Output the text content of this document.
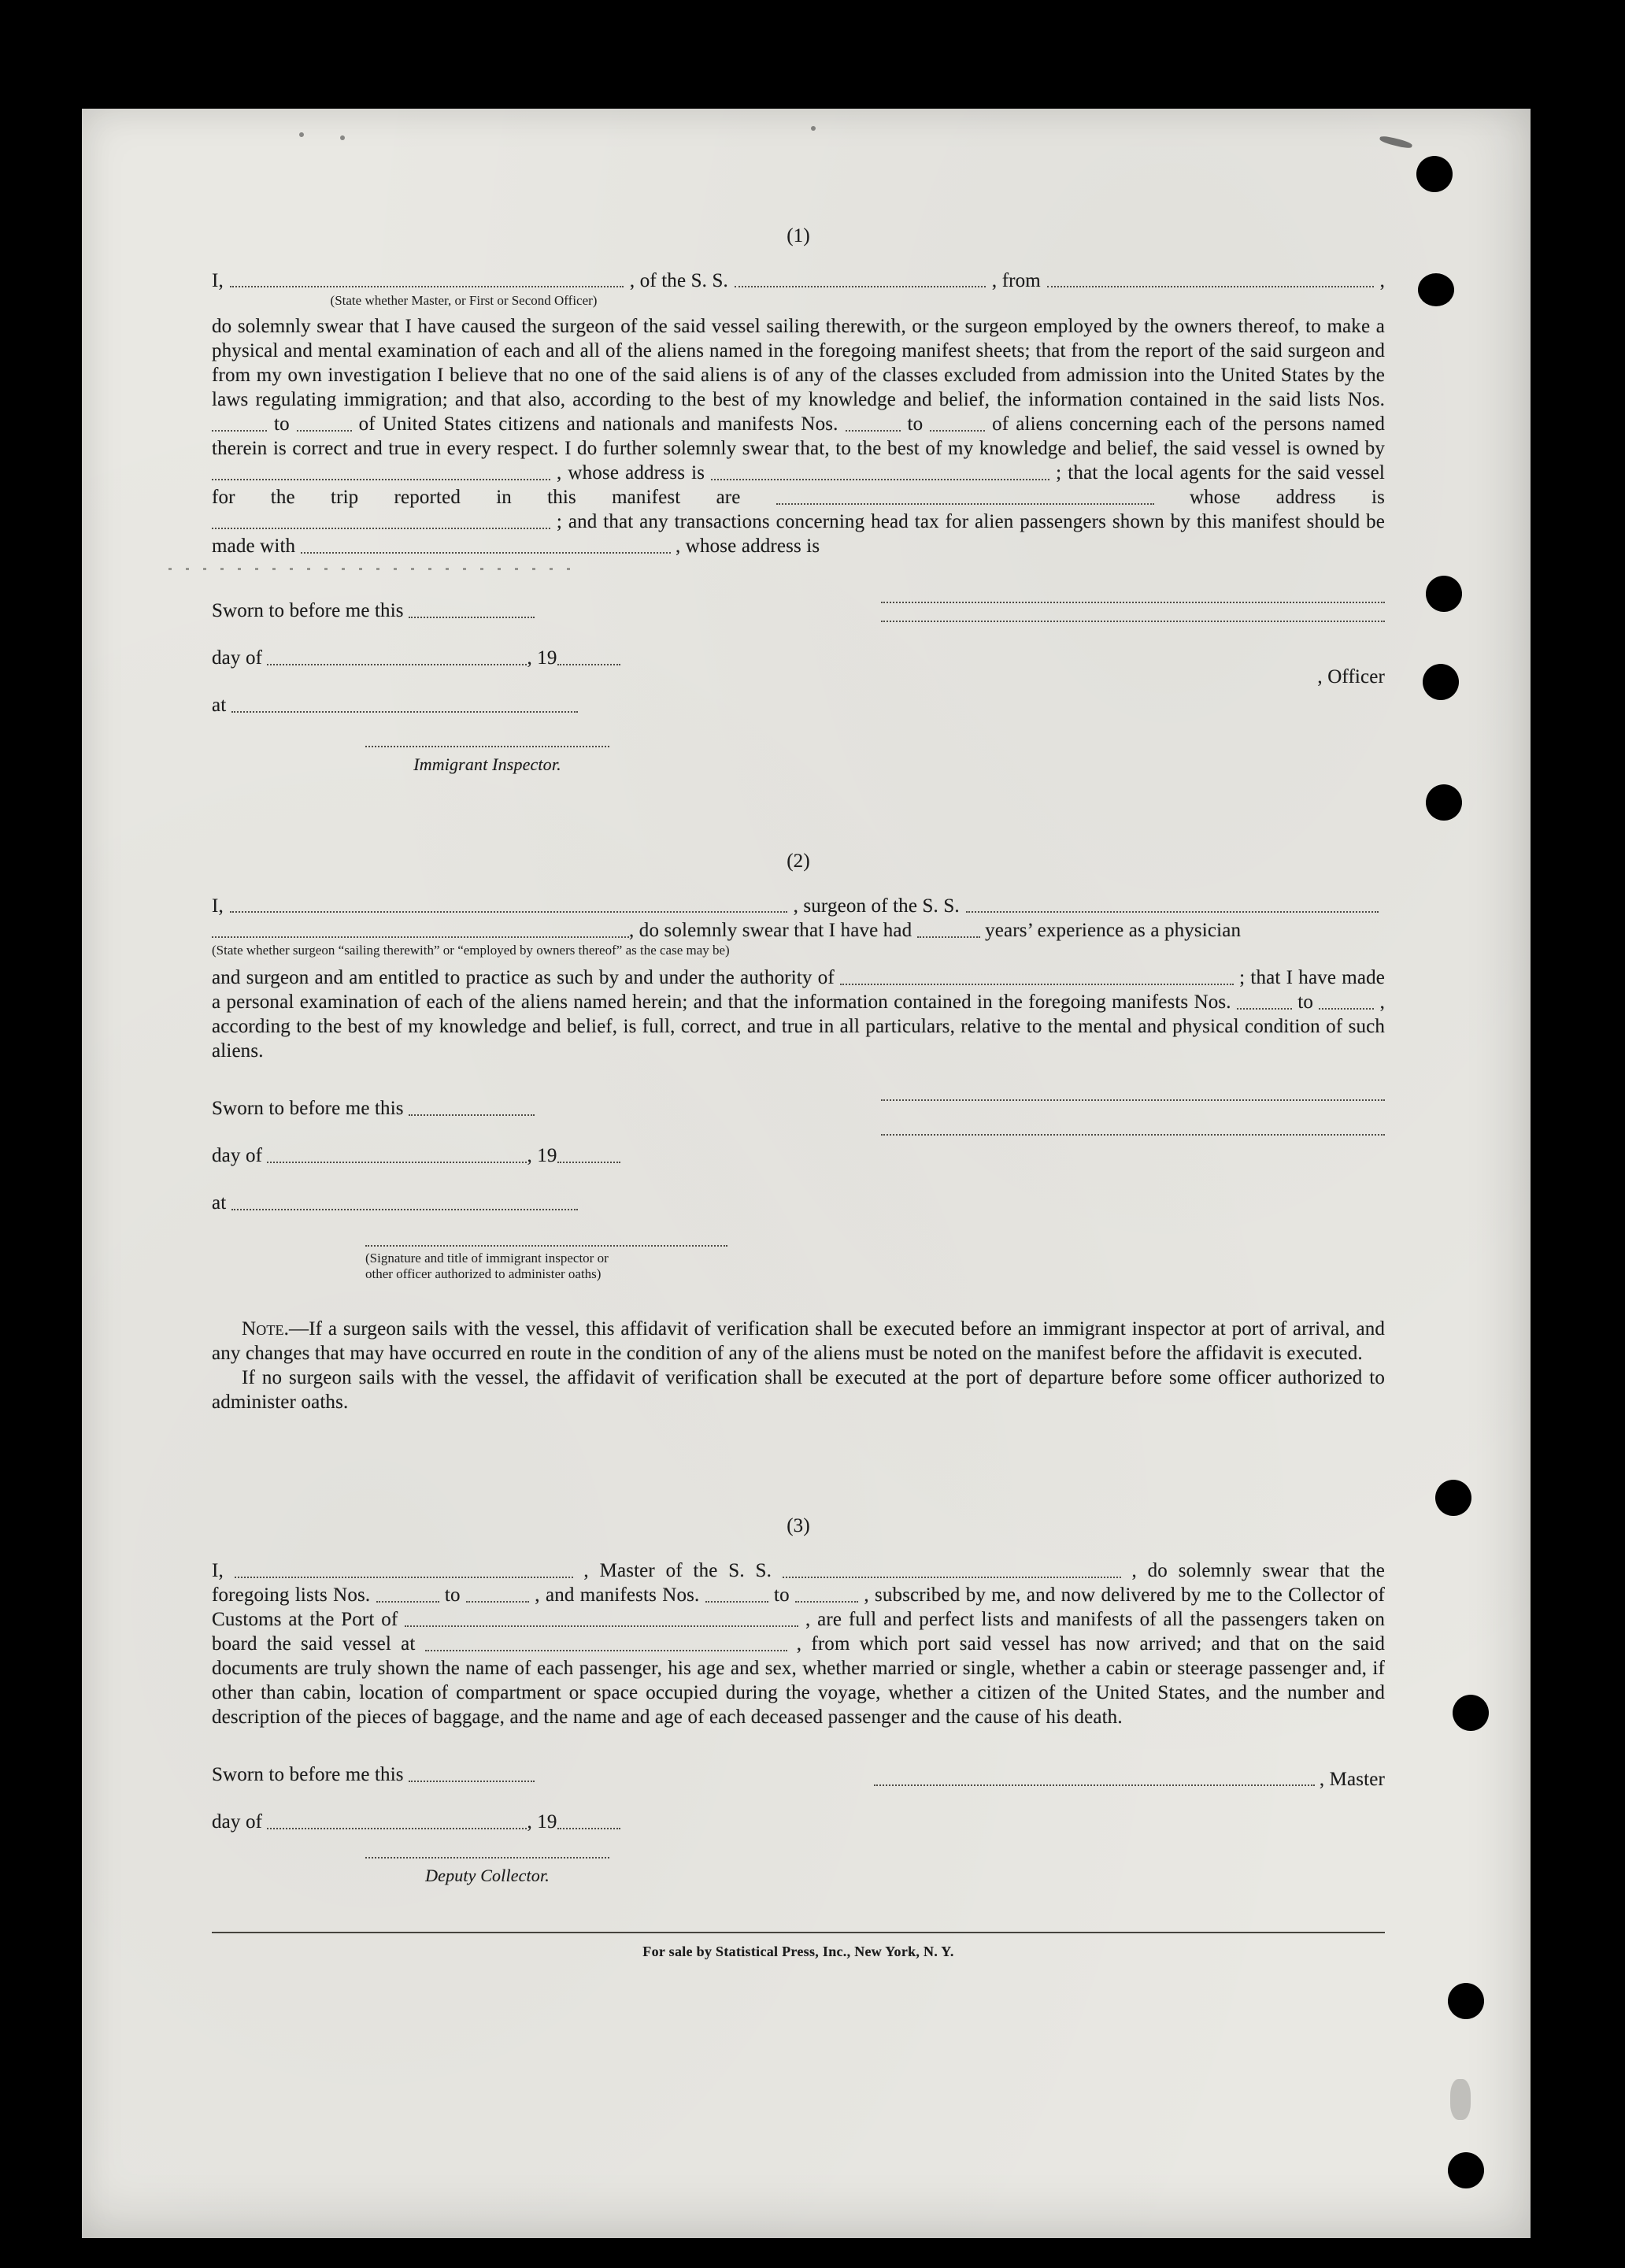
(1)
I,	, of the S. S.	, from	,
(State whether Master, or First or Second Officer)

do solemnly swear that I have caused the surgeon of the said vessel sailing therewith, or the surgeon employed by the owners thereof, to make a physical and mental examination of each and all of the aliens named in the foregoing manifest sheets; that from the report of the said surgeon and from my own investigation I believe that no one of the said aliens is of any of the classes excluded from admission into the United States by the laws regulating immigration; and that also, according to the best of my knowledge and belief, the information contained in the said lists Nos.  to	of United States citizens and nationals and manifests Nos.	to	of aliens concerning each of the persons named therein is correct and true in every respect. I do further solemnly swear that, to the best of my knowledge and belief, the said vessel is owned by  , whose address is	; that the local agents for the said vessel for the trip reported in this manifest are	whose address is  ; and that any transactions concerning head tax for alien passengers shown by this manifest should be made with	, whose address is

, Officer
Sworn to before me this
day of	, 19
at
Immigrant Inspector.
(2)
I,	, surgeon of the S. S.
, do solemnly swear that I have had	years’ experience as a physician
(State whether surgeon “sailing therewith” or “employed by owners thereof” as the case may be)

and surgeon and am entitled to practice as such by and under the authority of	; that I have made a personal examination of each of the aliens named herein; and that the information contained in the foregoing manifests Nos.	to	, according to the best of my knowledge and belief, is full, correct, and true in all particulars, relative to the mental and physical condition of such aliens.

Sworn to before me this
day of	, 19
at
(Signature and title of immigrant inspector or
other officer authorized to administer oaths)

Note.—If a surgeon sails with the vessel, this affidavit of verification shall be executed before an immigrant inspector at port of arrival, and any changes that may have occurred en route in the condition of any of the aliens must be noted on the manifest before the affidavit is executed.

If no surgeon sails with the vessel, the affidavit of verification shall be executed at the port of departure before some officer authorized to administer oaths.

(3)

I,	, Master of the S. S.	, do solemnly swear that the foregoing lists Nos.	to	, and manifests Nos.	to	, subscribed by me, and now delivered by me to the Collector of Customs at the Port of	, are full and perfect lists and manifests of all the passengers taken on board the said vessel at	, from which port said vessel has now arrived; and that on the said documents are truly shown the name of each passenger, his age and sex, whether married or single, whether a cabin or steerage passenger and, if other than cabin, location of compartment or space occupied during the voyage, whether a citizen of the United States, and the number and description of the pieces of baggage, and the name and age of each deceased passenger and the cause of his death.

, Master
Sworn to before me this
day of	, 19
Deputy Collector.
For sale by Statistical Press, Inc., New York, N. Y.
